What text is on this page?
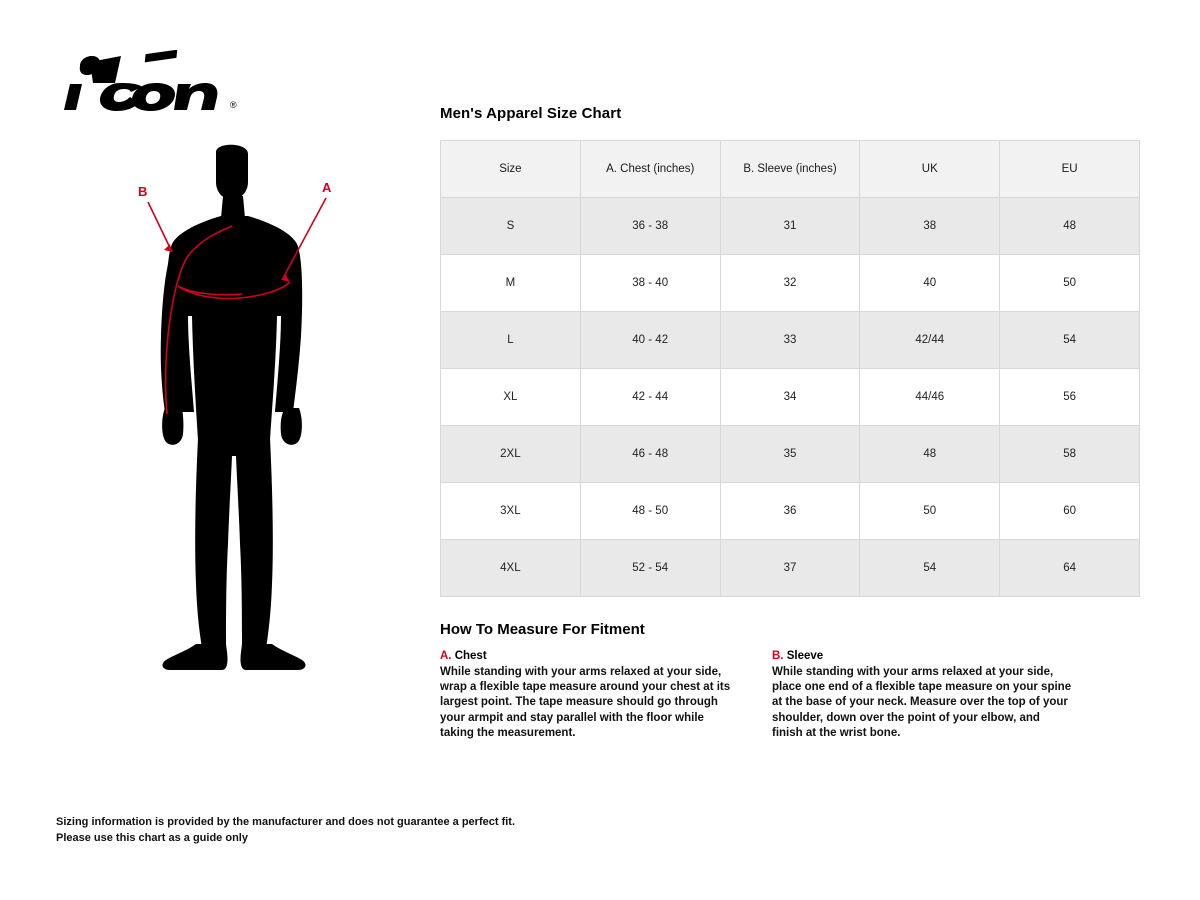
®
A
B
Men's Apparel Size Chart
Size	A. Chest (inches)	B. Sleeve (inches)	UK	EU
S	36 - 38	31	38	48
M	38 - 40	32	40	50
L	40 - 42	33	42/44	54
XL	42 - 44	34	44/46	56
2XL	46 - 48	35	48	58
3XL	48 - 50	36	50	60
4XL	52 - 54	37	54	64
How To Measure For Fitment
A. Chest
While standing with your arms relaxed at your side, wrap a flexible tape measure around your chest at its largest point. The tape measure should go through your armpit and stay parallel with the floor while taking the measurement.
B. Sleeve
While standing with your arms relaxed at your side, place one end of a flexible tape measure on your spine at the base of your neck. Measure over the top of your shoulder, down over the point of your elbow, and finish at the wrist bone.
Sizing information is provided by the manufacturer and does not guarantee a perfect fit.
Please use this chart as a guide only
